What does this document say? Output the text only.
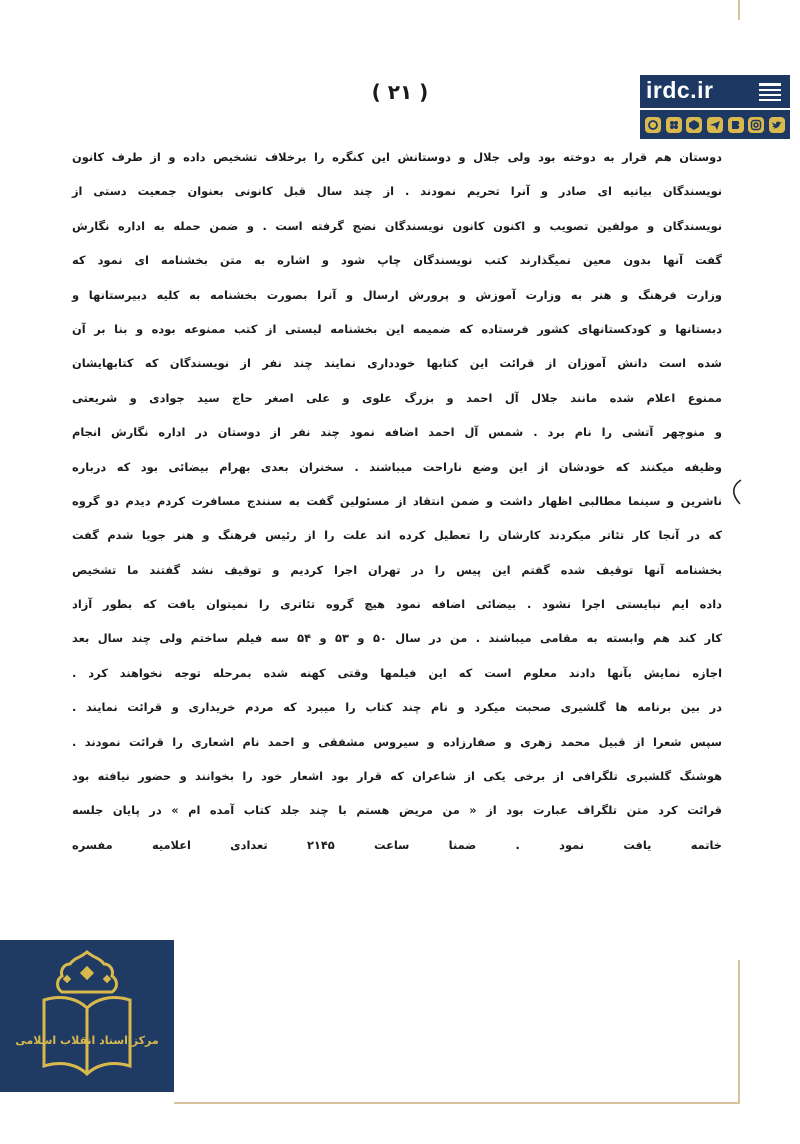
( ٢١ )
دوستان هم قرار به دوخته بود ولی جلال و دوستانش این کنگره را برخلاف تشخیص داده و از طرف کانون
نویسندگان بیانیه ای صادر و آنرا تحریم نمودند . از چند سال قبل کانونی بعنوان جمعیت دستی از
نویسندگان و مولفین تصویب و اکنون کانون نویسندگان نضج گرفته است . و ضمن حمله به اداره نگارش
گفت آنها بدون معین نمیگذارند کتب نویسندگان چاپ شود و اشاره به متن بخشنامه ای نمود که
وزارت فرهنگ و هنر به وزارت آموزش و پرورش ارسال و آنرا بصورت بخشنامه به کلیه دبیرستانها و
دبستانها و کودکستانهای کشور فرستاده که ضمیمه این بخشنامه لیستی از کتب ممنوعه بوده و بنا بر آن
شده است دانش آموزان از قرائت این کتابها خودداری نمایند چند نفر از نویسندگان که کتابهایشان
ممنوع اعلام شده مانند جلال آل احمد و بزرگ علوی و علی اصغر حاج سید جوادی و شریعتی
و منوچهر آتشی را نام برد . شمس آل احمد اضافه نمود چند نفر از دوستان در اداره نگارش انجام
وظیفه میکنند که خودشان از این وضع ناراحت میباشند . سخنران بعدی بهرام بیضائی بود که درباره
ناشرین و سینما مطالبی اظهار داشت و ضمن انتقاد از مسئولین گفت به سنندج مسافرت کردم دیدم دو گروه
که در آنجا کار تئاتر میکردند کارشان را تعطیل کرده اند علت را از رئیس فرهنگ و هنر جویا شدم گفت
بخشنامه آنها توقیف شده گفتم این پیس را در تهران اجرا کردیم و توقیف نشد گفتند ما تشخیص
داده ایم نبایستی اجرا نشود . بیضائی اضافه نمود هیچ گروه تئاتری را نمیتوان یافت که بطور آزاد
کار کند هم وابسته به مقامی میباشند . من در سال ۵۰ و ۵۳ و ۵۴ سه فیلم ساختم ولی چند سال بعد
اجازه نمایش بآنها دادند معلوم است که این فیلمها وقتی کهنه شده بمرحله توجه نخواهند کرد .
در بین برنامه ها گلشیری صحبت میکرد و نام چند کتاب را میبرد که مردم خریداری و قرائت نمایند .
سپس شعرا از قبیل محمد زهری و صفارزاده و سیروس مشفقی و احمد نام اشعاری را قرائت نمودند .
هوشنگ گلشیری تلگرافی از برخی یکی از شاعران که قرار بود اشعار خود را بخوانند و حضور نیافته بود
قرائت کرد متن تلگراف عبارت بود از « من مریض هستم با چند جلد کتاب آمده ام » در پایان جلسه
خاتمه یافت نمود . ضمنا ساعت ۲۱۴۵ تعدادی اعلامیه مفسره
irdc.ir
مرکز اسناد انقلاب اسلامی
